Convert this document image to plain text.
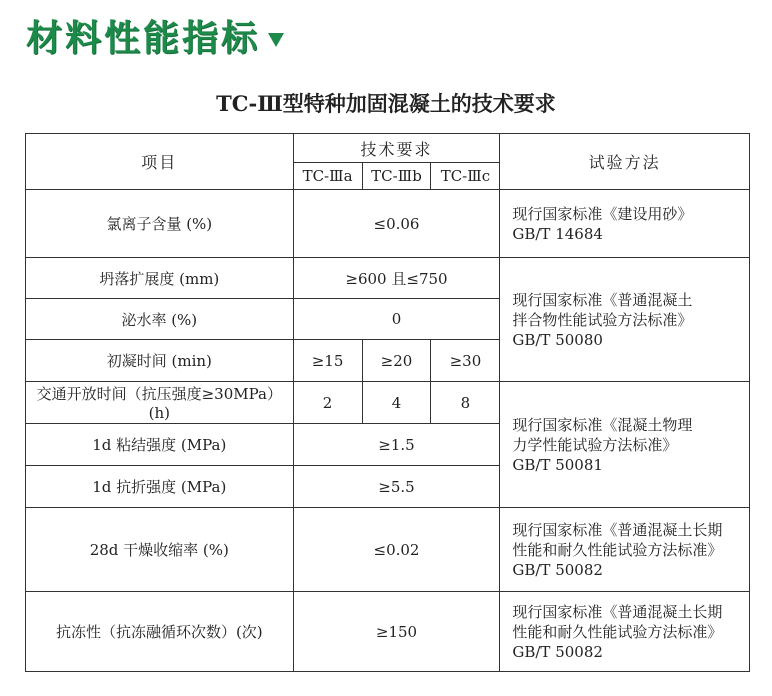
材料性能指标
TC-Ⅲ型特种加固混凝土的技术要求
项目	技术要求			试验方法
	TC-Ⅲa	TC-Ⅲb	TC-Ⅲc	
氯离子含量 (%)	≤0.06			现行国家标准《建设用砂》
GB/T 14684

坍落扩展度 (mm)	≥600 且≤750			现行国家标准《普通混凝土
拌合物性能试验方法标准》
GB/T 50080

泌水率 (%)	0			
初凝时间 (min)	≥15	≥20	≥30	
交通开放时间（抗压强度≥30MPa）(h)	2	4	8	现行国家标准《混凝土物理
力学性能试验方法标准》
GB/T 50081

1d 粘结强度 (MPa)	≥1.5			
1d 抗折强度 (MPa)	≥5.5			
28d 干燥收缩率 (%)	≤0.02			现行国家标准《普通混凝土长期
性能和耐久性能试验方法标准》
GB/T 50082

抗冻性（抗冻融循环次数）(次)	≥150			现行国家标准《普通混凝土长期
性能和耐久性能试验方法标准》
GB/T 50082
